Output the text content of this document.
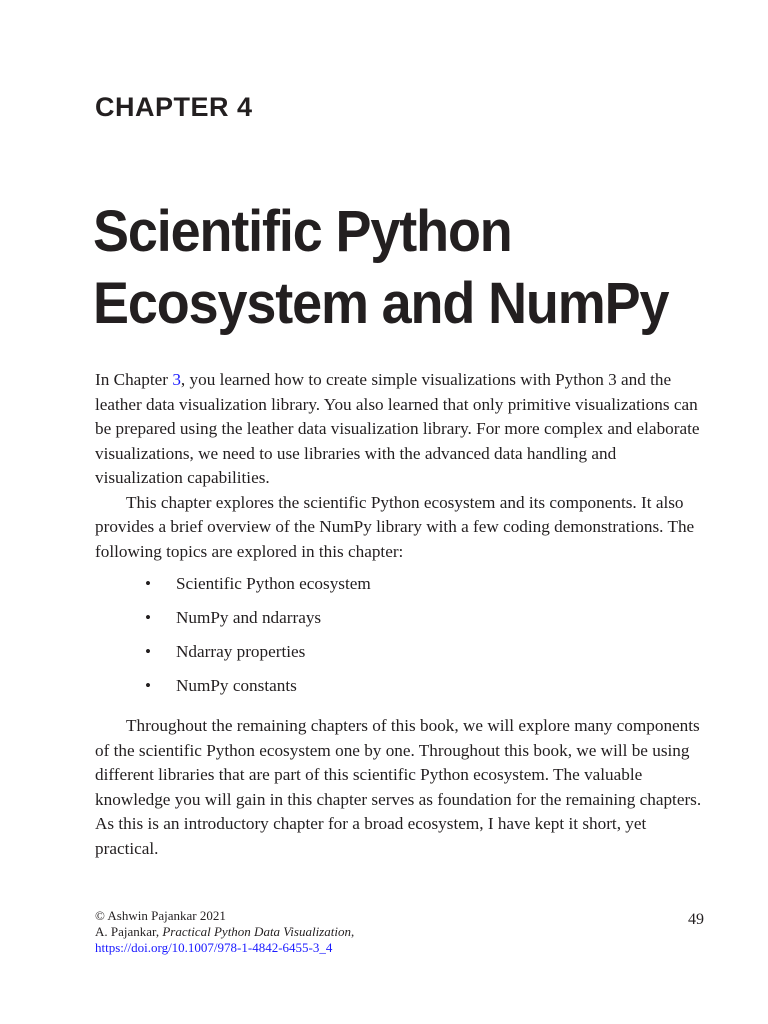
CHAPTER 4
Scientific Python
Ecosystem and NumPy

In Chapter 3, you learned how to create simple visualizations with Python 3 and the leather data visualization library. You also learned that only primitive visualizations can be prepared using the leather data visualization library. For more complex and elaborate visualizations, we need to use libraries with the advanced data handling and visualization capabilities.

This chapter explores the scientific Python ecosystem and its components. It also provides a brief overview of the NumPy library with a few coding demonstrations. The following topics are explored in this chapter:

• Scientific Python ecosystem
• NumPy and ndarrays
• Ndarray properties
• NumPy constants

Throughout the remaining chapters of this book, we will explore many components of the scientific Python ecosystem one by one. Throughout this book, we will be using different libraries that are part of this scientific Python ecosystem. The valuable knowledge you will gain in this chapter serves as foundation for the remaining chapters. As this is an introductory chapter for a broad ecosystem, I have kept it short, yet practical.

© Ashwin Pajankar 2021
A. Pajankar, Practical Python Data Visualization,
https://doi.org/10.1007/978-1-4842-6455-3_4
49
